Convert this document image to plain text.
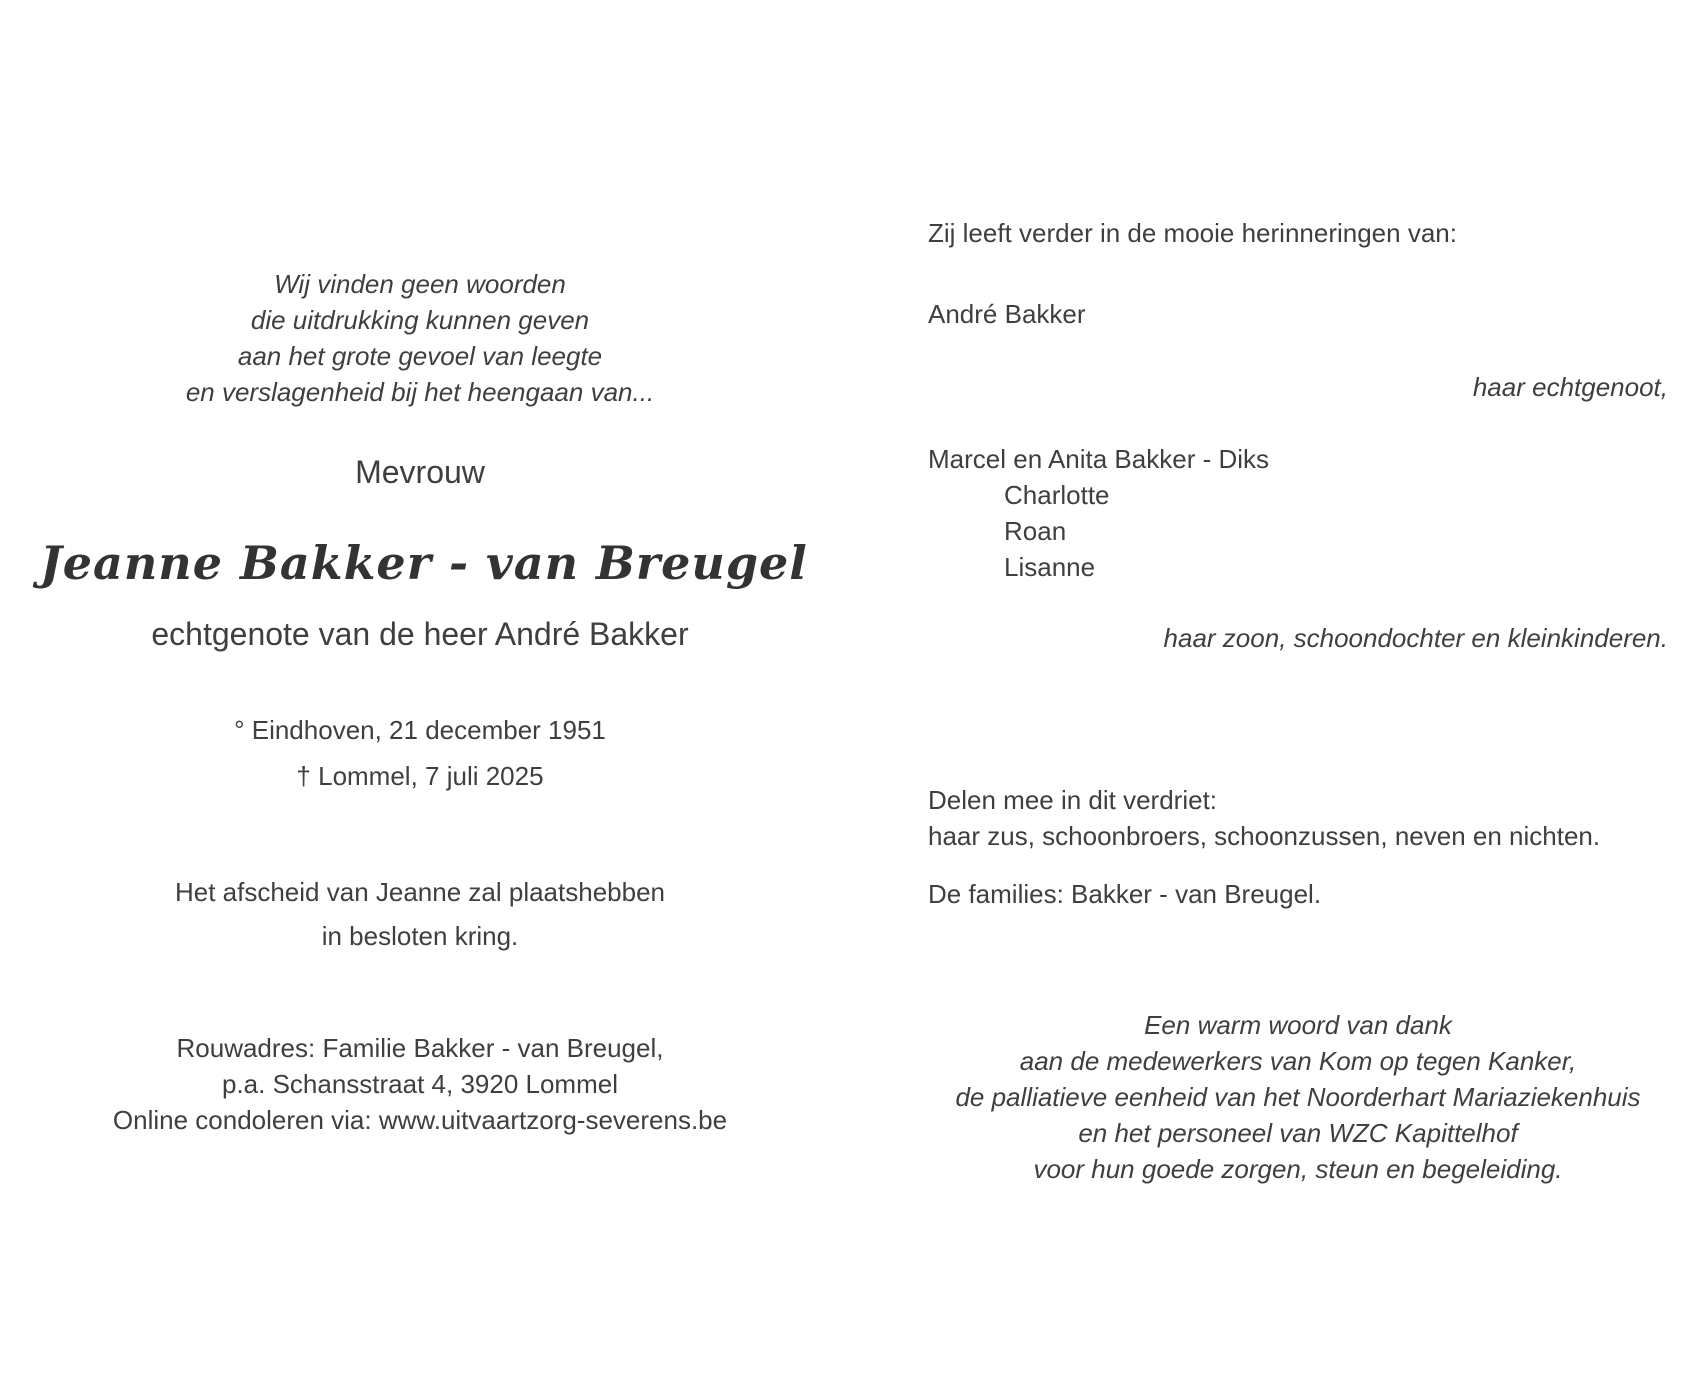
Wij vinden geen woorden
die uitdrukking kunnen geven
aan het grote gevoel van leegte
en verslagenheid bij het heengaan van...
Mevrouw
Jeanne Bakker - van Breugel
echtgenote van de heer André Bakker
° Eindhoven, 21 december 1951
† Lommel, 7 juli 2025
Het afscheid van Jeanne zal plaatshebben
in besloten kring.
Rouwadres: Familie Bakker - van Breugel,
p.a. Schansstraat 4, 3920 Lommel
Online condoleren via: www.uitvaartzorg-severens.be
Zij leeft verder in de mooie herinneringen van:
André Bakker
haar echtgenoot,
Marcel en Anita Bakker - Diks
Charlotte
Roan
Lisanne
haar zoon, schoondochter en kleinkinderen.
Delen mee in dit verdriet:
haar zus, schoonbroers, schoonzussen, neven en nichten.
De families: Bakker - van Breugel.
Een warm woord van dank
aan de medewerkers van Kom op tegen Kanker,
de palliatieve eenheid van het Noorderhart Mariaziekenhuis
en het personeel van WZC Kapittelhof
voor hun goede zorgen, steun en begeleiding.
